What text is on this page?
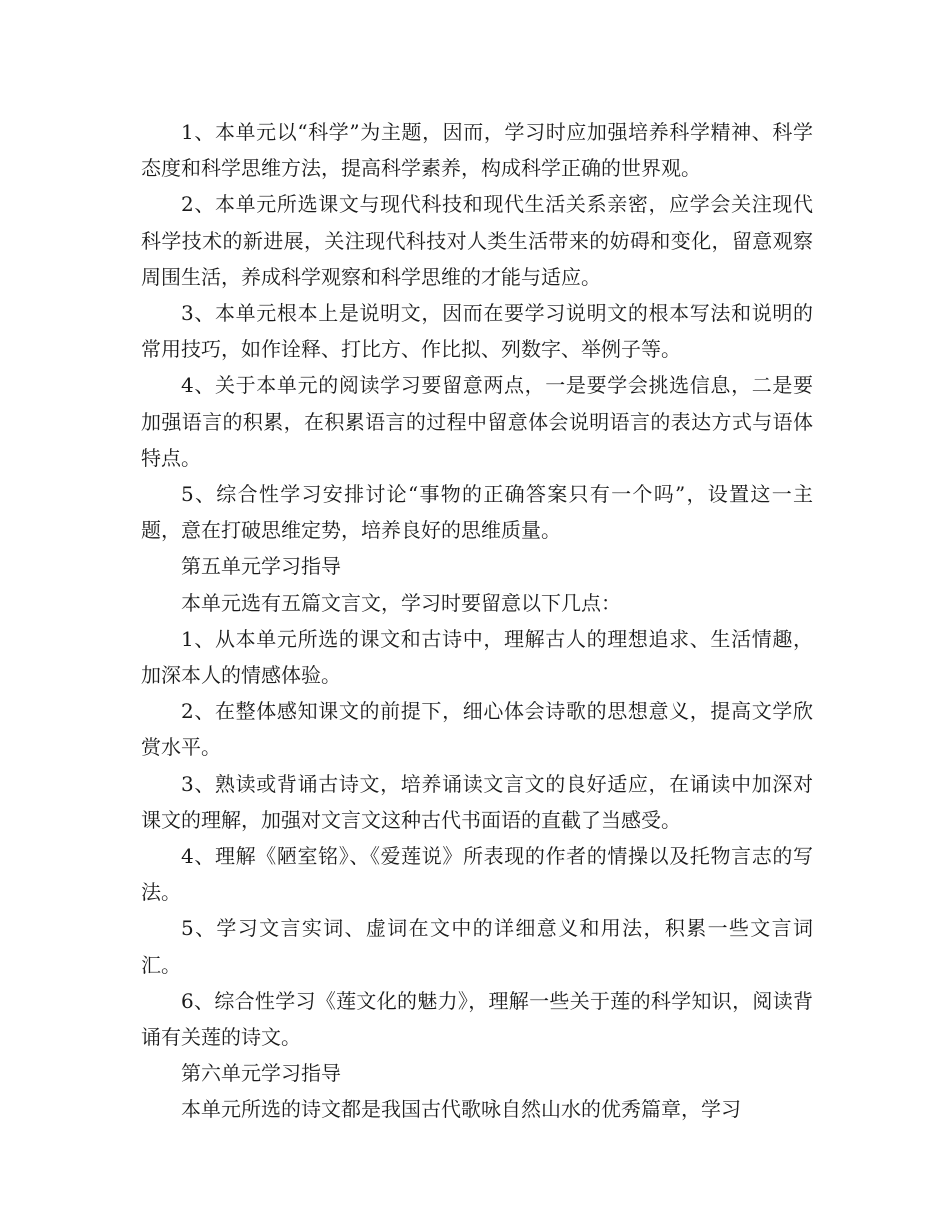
1、本单元以“科学”为主题，因而，学习时应加强培养科学精神、科学态度和科学思维方法，提高科学素养，构成科学正确的世界观。

2、本单元所选课文与现代科技和现代生活关系亲密，应学会关注现代科学技术的新进展，关注现代科技对人类生活带来的妨碍和变化，留意观察周围生活，养成科学观察和科学思维的才能与适应。

3、本单元根本上是说明文，因而在要学习说明文的根本写法和说明的常用技巧，如作诠释、打比方、作比拟、列数字、举例子等。

4、关于本单元的阅读学习要留意两点，一是要学会挑选信息，二是要加强语言的积累，在积累语言的过程中留意体会说明语言的表达方式与语体特点。

5、综合性学习安排讨论“事物的正确答案只有一个吗”，设置这一主题，意在打破思维定势，培养良好的思维质量。

第五单元学习指导

本单元选有五篇文言文，学习时要留意以下几点：

1、从本单元所选的课文和古诗中，理解古人的理想追求、生活情趣，加深本人的情感体验。

2、在整体感知课文的前提下，细心体会诗歌的思想意义，提高文学欣赏水平。

3、熟读或背诵古诗文，培养诵读文言文的良好适应，在诵读中加深对课文的理解，加强对文言文这种古代书面语的直截了当感受。

4、理解《陋室铭》、《爱莲说》所表现的作者的情操以及托物言志的写法。

5、学习文言实词、虚词在文中的详细意义和用法，积累一些文言词汇。

6、综合性学习《莲文化的魅力》，理解一些关于莲的科学知识，阅读背诵有关莲的诗文。

第六单元学习指导

本单元所选的诗文都是我国古代歌咏自然山水的优秀篇章，学习
